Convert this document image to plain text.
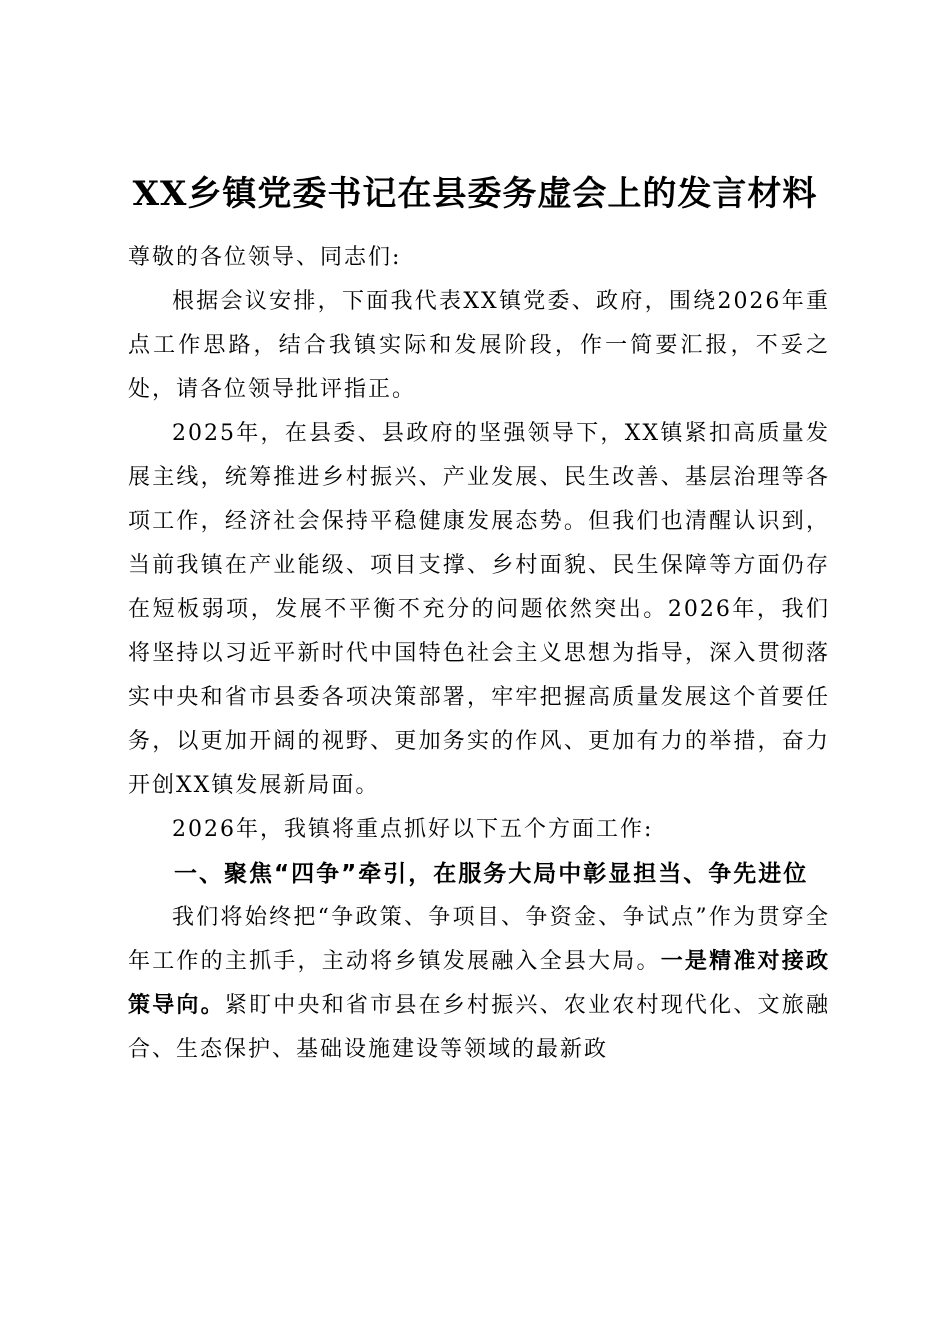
XX乡镇党委书记在县委务虚会上的发言材料

尊敬的各位领导、同志们:

根据会议安排，下面我代表XX镇党委、政府，围绕2026年重点工作思路，结合我镇实际和发展阶段，作一简要汇报，不妥之处，请各位领导批评指正。

2025年，在县委、县政府的坚强领导下，XX镇紧扣高质量发展主线，统筹推进乡村振兴、产业发展、民生改善、基层治理等各项工作，经济社会保持平稳健康发展态势。但我们也清醒认识到，当前我镇在产业能级、项目支撑、乡村面貌、民生保障等方面仍存在短板弱项，发展不平衡不充分的问题依然突出。2026年，我们将坚持以习近平新时代中国特色社会主义思想为指导，深入贯彻落实中央和省市县委各项决策部署，牢牢把握高质量发展这个首要任务，以更加开阔的视野、更加务实的作风、更加有力的举措，奋力开创XX镇发展新局面。

2026年，我镇将重点抓好以下五个方面工作:

一、聚焦“四争”牵引，在服务大局中彰显担当、争先进位

我们将始终把“争政策、争项目、争资金、争试点”作为贯穿全年工作的主抓手，主动将乡镇发展融入全县大局。一是精准对接政策导向。紧盯中央和省市县在乡村振兴、农业农村现代化、文旅融合、生态保护、基础设施建设等领域的最新政
